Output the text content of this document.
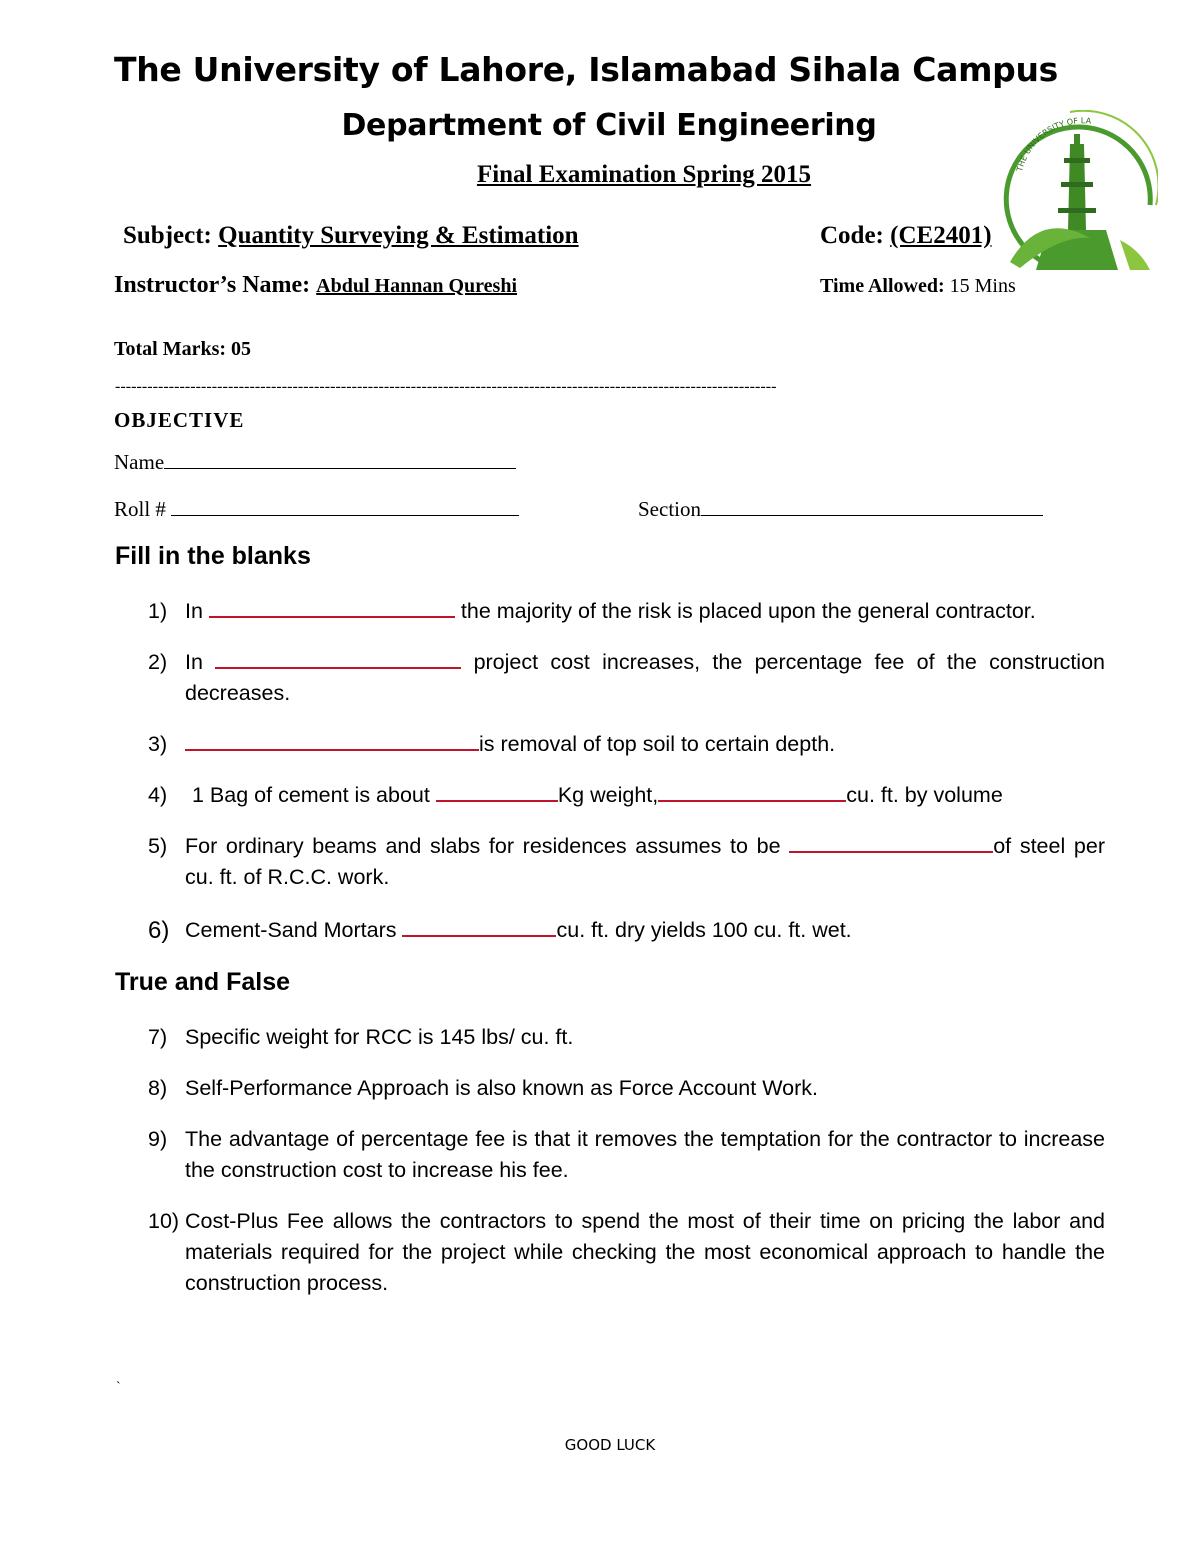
The University of Lahore, Islamabad Sihala Campus
Department of Civil Engineering
Final Examination Spring 2015	THE UNIVERSITY OF LA
Subject: Quantity Surveying & Estimation	Code: (CE2401)
Instructor’s Name: Abdul Hannan Qureshi	Time Allowed: 15 Mins
Total Marks: 05
---------------------------------------------------------------------------------------------------------------------------
OBJECTIVE
Name
Roll #	Section
Fill in the blanks
1) In	the majority of the risk is placed upon the general contractor.
2) In	project cost increases, the percentage fee of the construction decreases.
3)	is removal of top soil to certain depth.
4) 1 Bag of cement is about	Kg weight,	cu. ft. by volume
5) For ordinary beams and slabs for residences assumes to be	of steel per cu. ft. of R.C.C. work.
6) Cement-Sand Mortars	cu. ft. dry yields 100 cu. ft. wet.
True and False
7) Specific weight for RCC is 145 lbs/ cu. ft.
8) Self-Performance Approach is also known as Force Account Work.
9) The advantage of percentage fee is that it removes the temptation for the contractor to increase the construction cost to increase his fee.
10) Cost-Plus Fee allows the contractors to spend the most of their time on pricing the labor and materials required for the project while checking the most economical approach to handle the construction process.
`
GOOD LUCK
